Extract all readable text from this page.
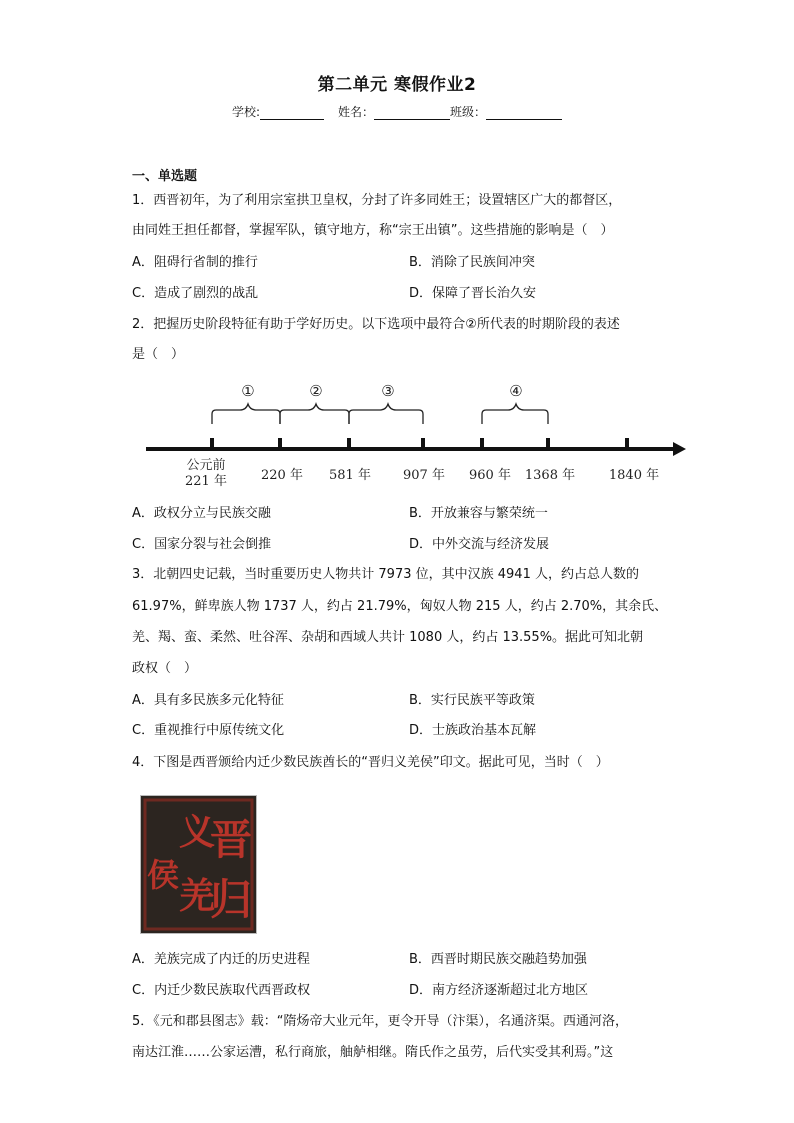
第二单元 寒假作业2
学校:	姓名：	班级：
一、单选题
1．西晋初年，为了利用宗室拱卫皇权，分封了许多同姓王；设置辖区广大的都督区，
由同姓王担任都督，掌握军队，镇守地方，称“宗王出镇”。这些措施的影响是（　）
A．阻碍行省制的推行	B．消除了民族间冲突
C．造成了剧烈的战乱	D．保障了晋长治久安
2．把握历史阶段特征有助于学好历史。以下选项中最符合②所代表的时期阶段的表述
是（　）
①	②	③	④
公元前
221 年	220 年 581 年 907 年 960 年 1368 年	1840 年
A．政权分立与民族交融	B．开放兼容与繁荣统一
C．国家分裂与社会倒推	D．中外交流与经济发展
3．北朝四史记载，当时重要历史人物共计 7973 位，其中汉族 4941 人，约占总人数的
61.97%，鲜卑族人物 1737 人，约占 21.79%，匈奴人物 215 人，约占 2.70%，其余氏、
羌、羯、蛮、柔然、吐谷浑、杂胡和西域人共计 1080 人，约占 13.55%。据此可知北朝
政权（　）
A．具有多民族多元化特征	B．实行民族平等政策
C．重视推行中原传统文化	D．士族政治基本瓦解
4．下图是西晋颁给内迁少数民族酋长的“晋归义羌侯”印文。据此可见，当时（　）
晋
归
义
羌
侯
A．羌族完成了内迁的历史进程	B．西晋时期民族交融趋势加强
C．内迁少数民族取代西晋政权	D．南方经济逐渐超过北方地区
5．《元和郡县图志》载：“隋炀帝大业元年，更令开导（汴渠），名通济渠。西通河洛，
南达江淮……公家运漕，私行商旅，舳舻相继。隋氏作之虽劳，后代实受其利焉。”这
